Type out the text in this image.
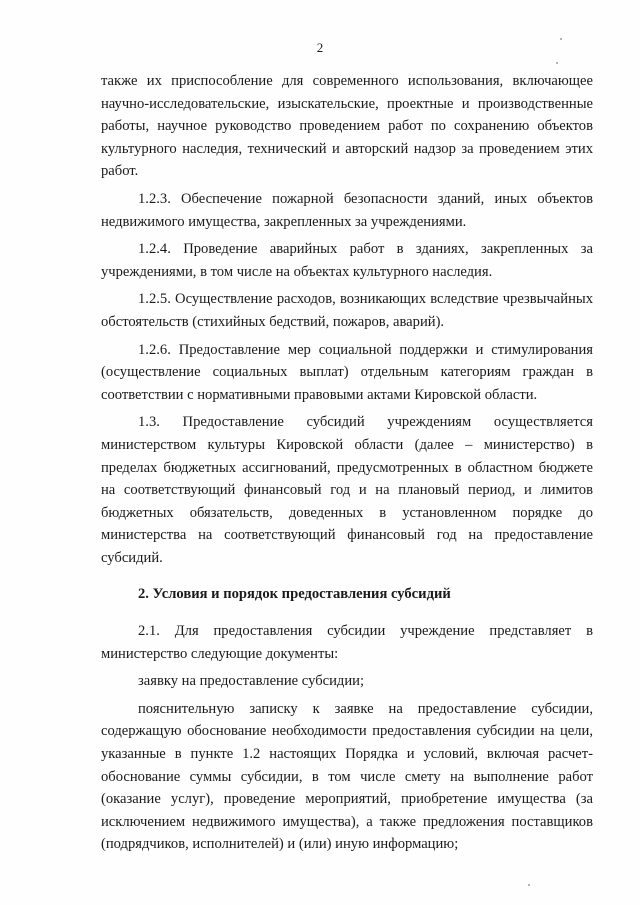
2

также их приспособление для современного использования, включающее научно-исследовательские, изыскательские, проектные и производственные работы, научное руководство проведением работ по сохранению объектов культурного наследия, технический и авторский надзор за проведением этих работ.

1.2.3. Обеспечение пожарной безопасности зданий, иных объектов недвижимого имущества, закрепленных за учреждениями.

1.2.4. Проведение аварийных работ в зданиях, закрепленных за учреждениями, в том числе на объектах культурного наследия.

1.2.5. Осуществление расходов, возникающих вследствие чрезвычайных обстоятельств (стихийных бедствий, пожаров, аварий).

1.2.6. Предоставление мер социальной поддержки и стимулирования (осуществление социальных выплат) отдельным категориям граждан в соответствии с нормативными правовыми актами Кировской области.

1.3. Предоставление субсидий учреждениям осуществляется министерством культуры Кировской области (далее – министерство) в пределах бюджетных ассигнований, предусмотренных в областном бюджете на соответствующий финансовый год и на плановый период, и лимитов бюджетных обязательств, доведенных в установленном порядке до министерства на соответствующий финансовый год на предоставление субсидий.

2. Условия и порядок предоставления субсидий

2.1. Для предоставления субсидии учреждение представляет в министерство следующие документы:

заявку на предоставление субсидии;

пояснительную записку к заявке на предоставление субсидии, содержащую обоснование необходимости предоставления субсидии на цели, указанные в пункте 1.2 настоящих Порядка и условий, включая расчет-обоснование суммы субсидии, в том числе смету на выполнение работ (оказание услуг), проведение мероприятий, приобретение имущества (за исключением недвижимого имущества), а также предложения поставщиков (подрядчиков, исполнителей) и (или) иную информацию;
